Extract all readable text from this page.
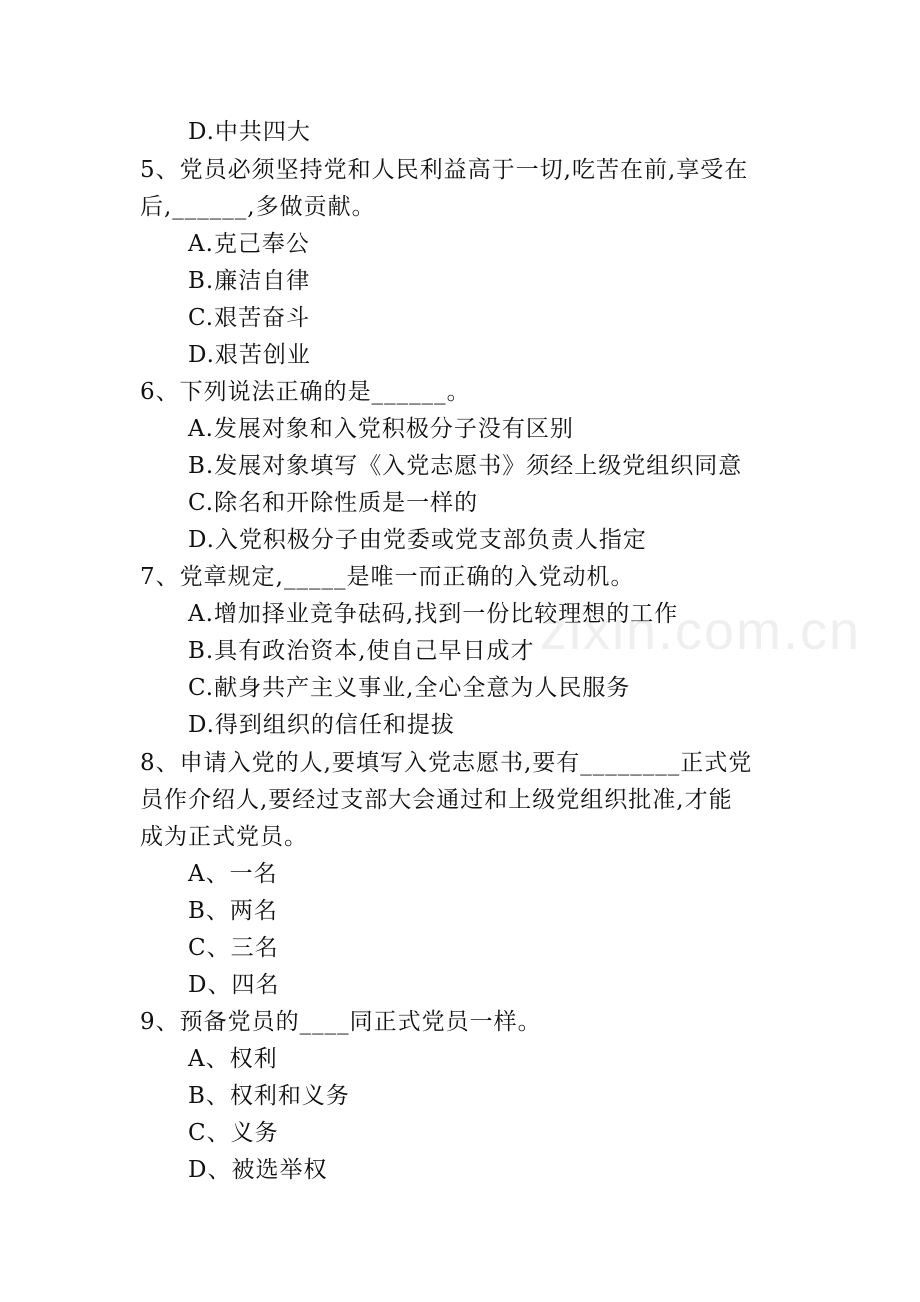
D.中共四大
5、党员必须坚持党和人民利益高于一切,吃苦在前,享受在
后,______,多做贡献。
A.克己奉公
B.廉洁自律
C.艰苦奋斗
D.艰苦创业
6、下列说法正确的是______。
A.发展对象和入党积极分子没有区别
B.发展对象填写《入党志愿书》须经上级党组织同意
C.除名和开除性质是一样的
D.入党积极分子由党委或党支部负责人指定
7、党章规定,_____是唯一而正确的入党动机。
A.增加择业竞争砝码,找到一份比较理想的工作
B.具有政治资本,使自己早日成才
C.献身共产主义事业,全心全意为人民服务
D.得到组织的信任和提拔
8、申请入党的人,要填写入党志愿书,要有________正式党
员作介绍人,要经过支部大会通过和上级党组织批准,才能
成为正式党员。
A、一名
B、两名
C、三名
D、四名
9、预备党员的____同正式党员一样。
A、权利
B、权利和义务
C、义务
D、被选举权
zixin.com.cn
